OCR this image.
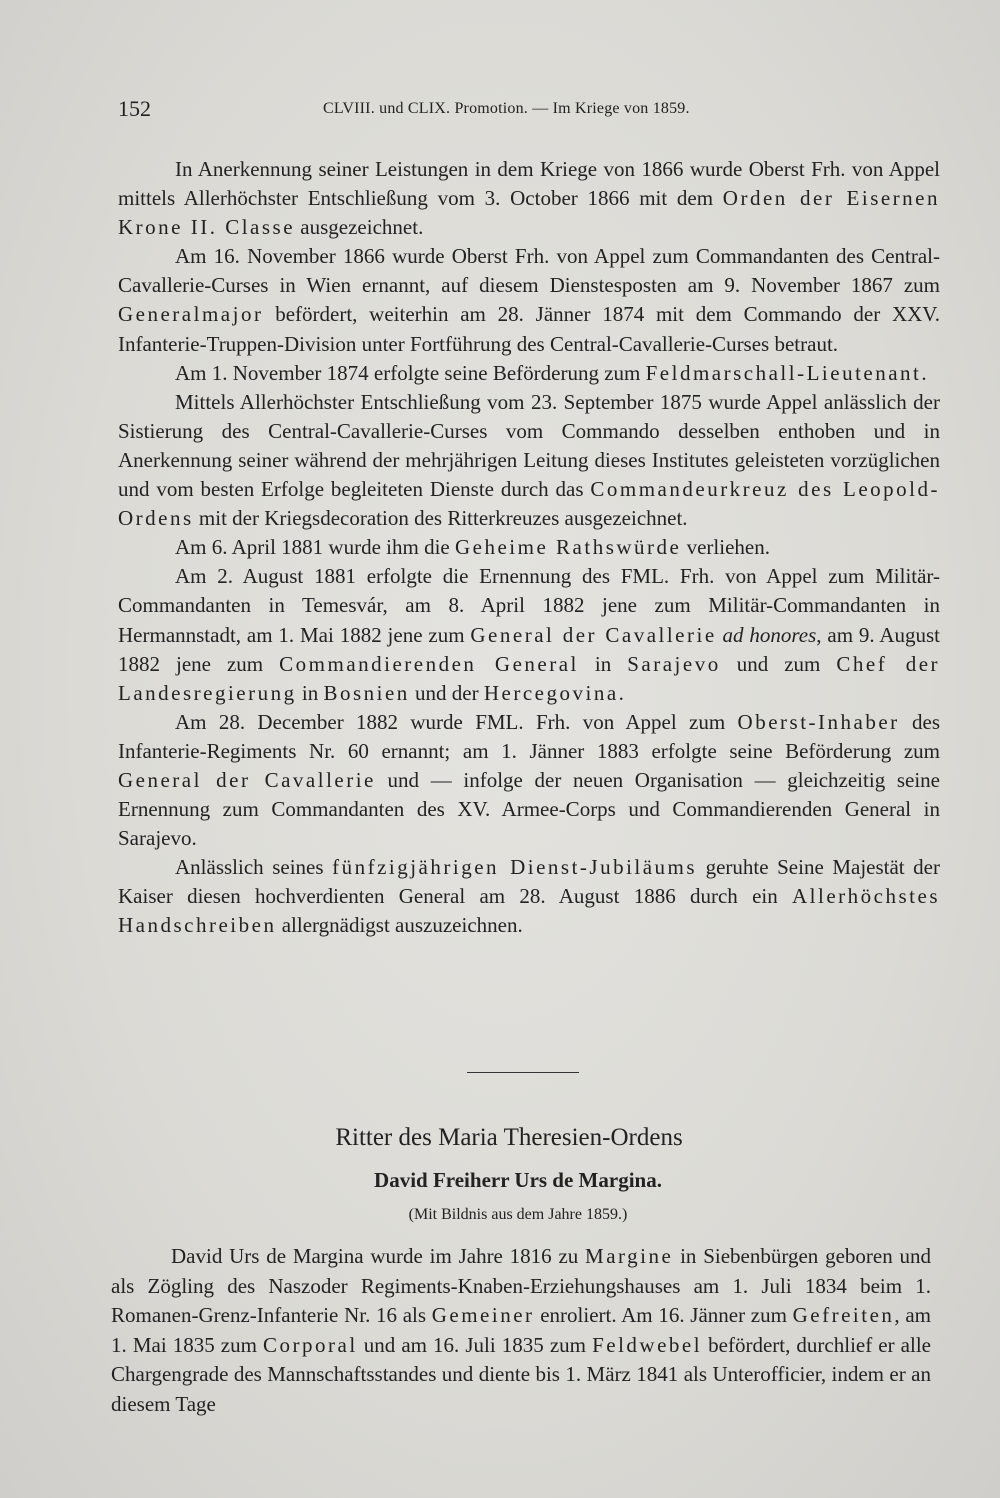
152	CLVIII. und CLIX. Promotion. — Im Kriege von 1859.

In Anerkennung seiner Leistungen in dem Kriege von 1866 wurde Oberst Frh. von Appel mittels Allerhöchster Entschließung vom 3. October 1866 mit dem Orden der Eisernen Krone II. Classe ausgezeichnet.

Am 16. November 1866 wurde Oberst Frh. von Appel zum Commandanten des Central-Cavallerie-Curses in Wien ernannt, auf diesem Dienstesposten am 9. November 1867 zum Generalmajor befördert, weiterhin am 28. Jänner 1874 mit dem Commando der XXV. Infanterie-Truppen-Division unter Fortführung des Central-Cavallerie-Curses betraut.

Am 1. November 1874 erfolgte seine Beförderung zum Feldmarschall-Lieutenant.

Mittels Allerhöchster Entschließung vom 23. September 1875 wurde Appel anlässlich der Sistierung des Central-Cavallerie-Curses vom Commando desselben enthoben und in Anerkennung seiner während der mehrjährigen Leitung dieses Institutes geleisteten vorzüglichen und vom besten Erfolge begleiteten Dienste durch das Commandeurkreuz des Leopold-Ordens mit der Kriegsdecoration des Ritterkreuzes ausgezeichnet.

Am 6. April 1881 wurde ihm die Geheime Rathswürde verliehen.

Am 2. August 1881 erfolgte die Ernennung des FML. Frh. von Appel zum Militär-Commandanten in Temesvár, am 8. April 1882 jene zum Militär-Commandanten in Hermannstadt, am 1. Mai 1882 jene zum General der Cavallerie ad honores, am 9. August 1882 jene zum Commandierenden General in Sarajevo und zum Chef der Landesregierung in Bosnien und der Hercegovina.

Am 28. December 1882 wurde FML. Frh. von Appel zum Oberst-Inhaber des Infanterie-Regiments Nr. 60 ernannt; am 1. Jänner 1883 erfolgte seine Beförderung zum General der Cavallerie und — infolge der neuen Organisation — gleichzeitig seine Ernennung zum Commandanten des XV. Armee-Corps und Commandierenden General in Sarajevo.

Anlässlich seines fünfzigjährigen Dienst-Jubiläums geruhte Seine Majestät der Kaiser diesen hochverdienten General am 28. August 1886 durch ein Allerhöchstes Handschreiben allergnädigst auszuzeichnen.

Ritter des Maria Theresien-Ordens
David Freiherr Urs de Margina.
(Mit Bildnis aus dem Jahre 1859.)

David Urs de Margina wurde im Jahre 1816 zu Margine in Siebenbürgen geboren und als Zögling des Naszoder Regiments-Knaben-Erziehungshauses am 1. Juli 1834 beim 1. Romanen-Grenz-Infanterie Nr. 16 als Gemeiner enroliert. Am 16. Jänner zum Gefreiten, am 1. Mai 1835 zum Corporal und am 16. Juli 1835 zum Feldwebel befördert, durchlief er alle Chargengrade des Mannschaftsstandes und diente bis 1. März 1841 als Unterofficier, indem er an diesem Tage
